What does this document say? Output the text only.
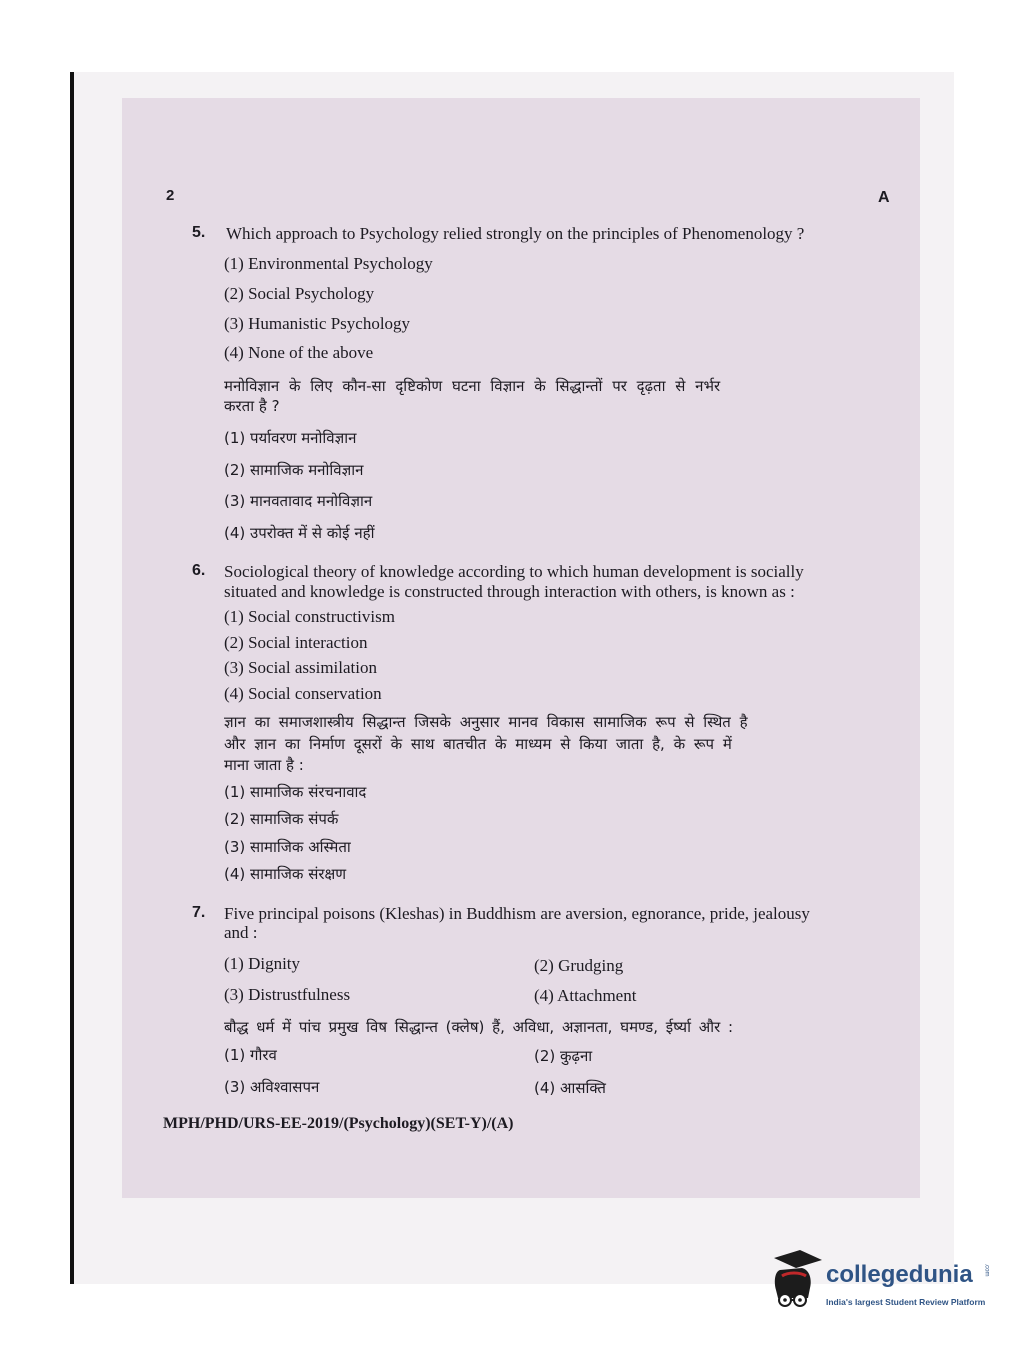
2	A
5. Which approach to Psychology relied strongly on the principles of Phenomenology ?
(1) Environmental Psychology
(2) Social Psychology
(3) Humanistic Psychology
(4) None of the above
मनोविज्ञान के लिए कौन-सा दृष्टिकोण घटना विज्ञान के सिद्धान्तों पर दृढ़ता से नर्भर
करता है ?
(1) पर्यावरण मनोविज्ञान
(2) सामाजिक मनोविज्ञान
(3) मानवतावाद मनोविज्ञान
(4) उपरोक्त में से कोई नहीं
6. Sociological theory of knowledge according to which human development is socially
situated and knowledge is constructed through interaction with others, is known as :
(1) Social constructivism
(2) Social interaction
(3) Social assimilation
(4) Social conservation
ज्ञान का समाजशास्त्रीय सिद्धान्त जिसके अनुसार मानव विकास सामाजिक रूप से स्थित है
और ज्ञान का निर्माण दूसरों के साथ बातचीत के माध्यम से किया जाता है, के रूप में
माना जाता है :
(1) सामाजिक संरचनावाद
(2) सामाजिक संपर्क
(3) सामाजिक अस्मिता
(4) सामाजिक संरक्षण
7. Five principal poisons (Kleshas) in Buddhism are aversion, egnorance, pride, jealousy
and :
(1) Dignity	(2) Grudging
(3) Distrustfulness	(4) Attachment
बौद्ध धर्म में पांच प्रमुख विष सिद्धान्त (क्लेष) हैं, अविधा, अज्ञानता, घमण्ड, ईर्ष्या और :
(1) गौरव	(2) कुढ़ना
(3) अविश्वासपन	(4) आसक्ति
MPH/PHD/URS-EE-2019/(Psychology)(SET-Y)/(A)
collegedunia .com
India's largest Student Review Platform
